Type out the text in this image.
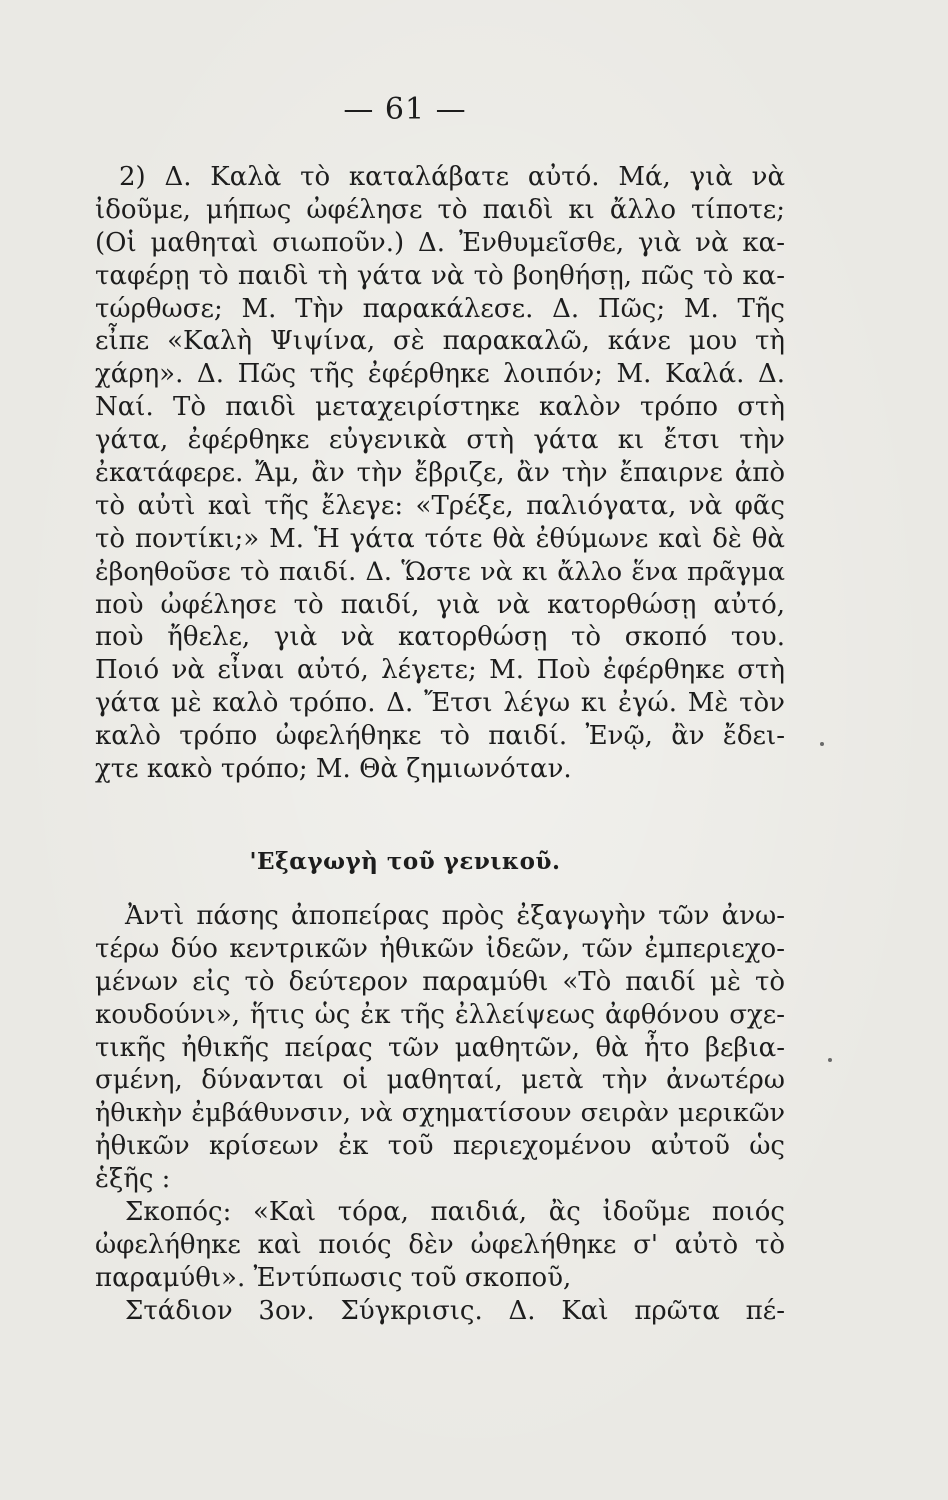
— 61 —
2) Δ. Καλὰ τὸ καταλάβατε αὐτό. Μά, γιὰ νὰ
ἰδοῦμε, μήπως ὠφέλησε τὸ παιδὶ κι ἄλλο τίποτε;
(Οἱ μαθηταὶ σιωποῦν.) Δ. Ἐνθυμεῖσθε, γιὰ νὰ κα-
ταφέρῃ τὸ παιδὶ τὴ γάτα νὰ τὸ βοηθήσῃ, πῶς τὸ κα-
τώρθωσε; Μ. Τὴν παρακάλεσε. Δ. Πῶς; Μ. Τῆς
εἶπε «Καλὴ Ψιψίνα, σὲ παρακαλῶ, κάνε μου τὴ
χάρη». Δ. Πῶς τῆς ἐφέρθηκε λοιπόν; Μ. Καλά. Δ.
Ναί. Τὸ παιδὶ μεταχειρίστηκε καλὸν τρόπο στὴ
γάτα, ἐφέρθηκε εὐγενικὰ στὴ γάτα κι ἔτσι τὴν
ἐκατάφερε. Ἄμ, ἂν τὴν ἔβριζε, ἂν τὴν ἔπαιρνε ἀπὸ
τὸ αὐτὶ καὶ τῆς ἔλεγε: «Τρέξε, παλιόγατα, νὰ φᾶς
τὸ ποντίκι;» Μ. Ἡ γάτα τότε θὰ ἐθύμωνε καὶ δὲ θὰ
ἐβοηθοῦσε τὸ παιδί. Δ. Ὥστε νὰ κι ἄλλο ἕνα πρᾶγμα
ποὺ ὠφέλησε τὸ παιδί, γιὰ νὰ κατορθώσῃ αὐτό,
ποὺ ἤθελε, γιὰ νὰ κατορθώσῃ τὸ σκοπό του.
Ποιό νὰ εἶναι αὐτό, λέγετε; Μ. Ποὺ ἐφέρθηκε στὴ
γάτα μὲ καλὸ τρόπο. Δ. Ἔτσι λέγω κι ἐγώ. Μὲ τὸν
καλὸ τρόπο ὠφελήθηκε τὸ παιδί. Ἐνῷ, ἂν ἔδει-
χτε κακὸ τρόπο; Μ. Θὰ ζημιωνόταν.
'Εξαγωγὴ τοῦ γενικοῦ.
Ἀντὶ πάσης ἀποπείρας πρὸς ἐξαγωγὴν τῶν ἀνω-
τέρω δύο κεντρικῶν ἠθικῶν ἰδεῶν, τῶν ἐμπεριεχο-
μένων εἰς τὸ δεύτερον παραμύθι «Τὸ παιδί μὲ τὸ
κουδούνι», ἥτις ὡς ἐκ τῆς ἐλλείψεως ἀφθόνου σχε-
τικῆς ἠθικῆς πείρας τῶν μαθητῶν, θὰ ἦτο βεβια-
σμένη, δύνανται οἱ μαθηταί, μετὰ τὴν ἀνωτέρω
ἠθικὴν ἐμβάθυνσιν, νὰ σχηματίσουν σειρὰν μερικῶν
ἠθικῶν κρίσεων ἐκ τοῦ περιεχομένου αὐτοῦ ὡς
ἑξῆς :
Σκοπός: «Καὶ τόρα, παιδιά, ἂς ἰδοῦμε ποιός
ὠφελήθηκε καὶ ποιός δὲν ὠφελήθηκε σ' αὐτὸ τὸ
παραμύθι». Ἐντύπωσις τοῦ σκοποῦ,
Στάδιον 3ον. Σύγκρισις. Δ. Καὶ πρῶτα πέ-
